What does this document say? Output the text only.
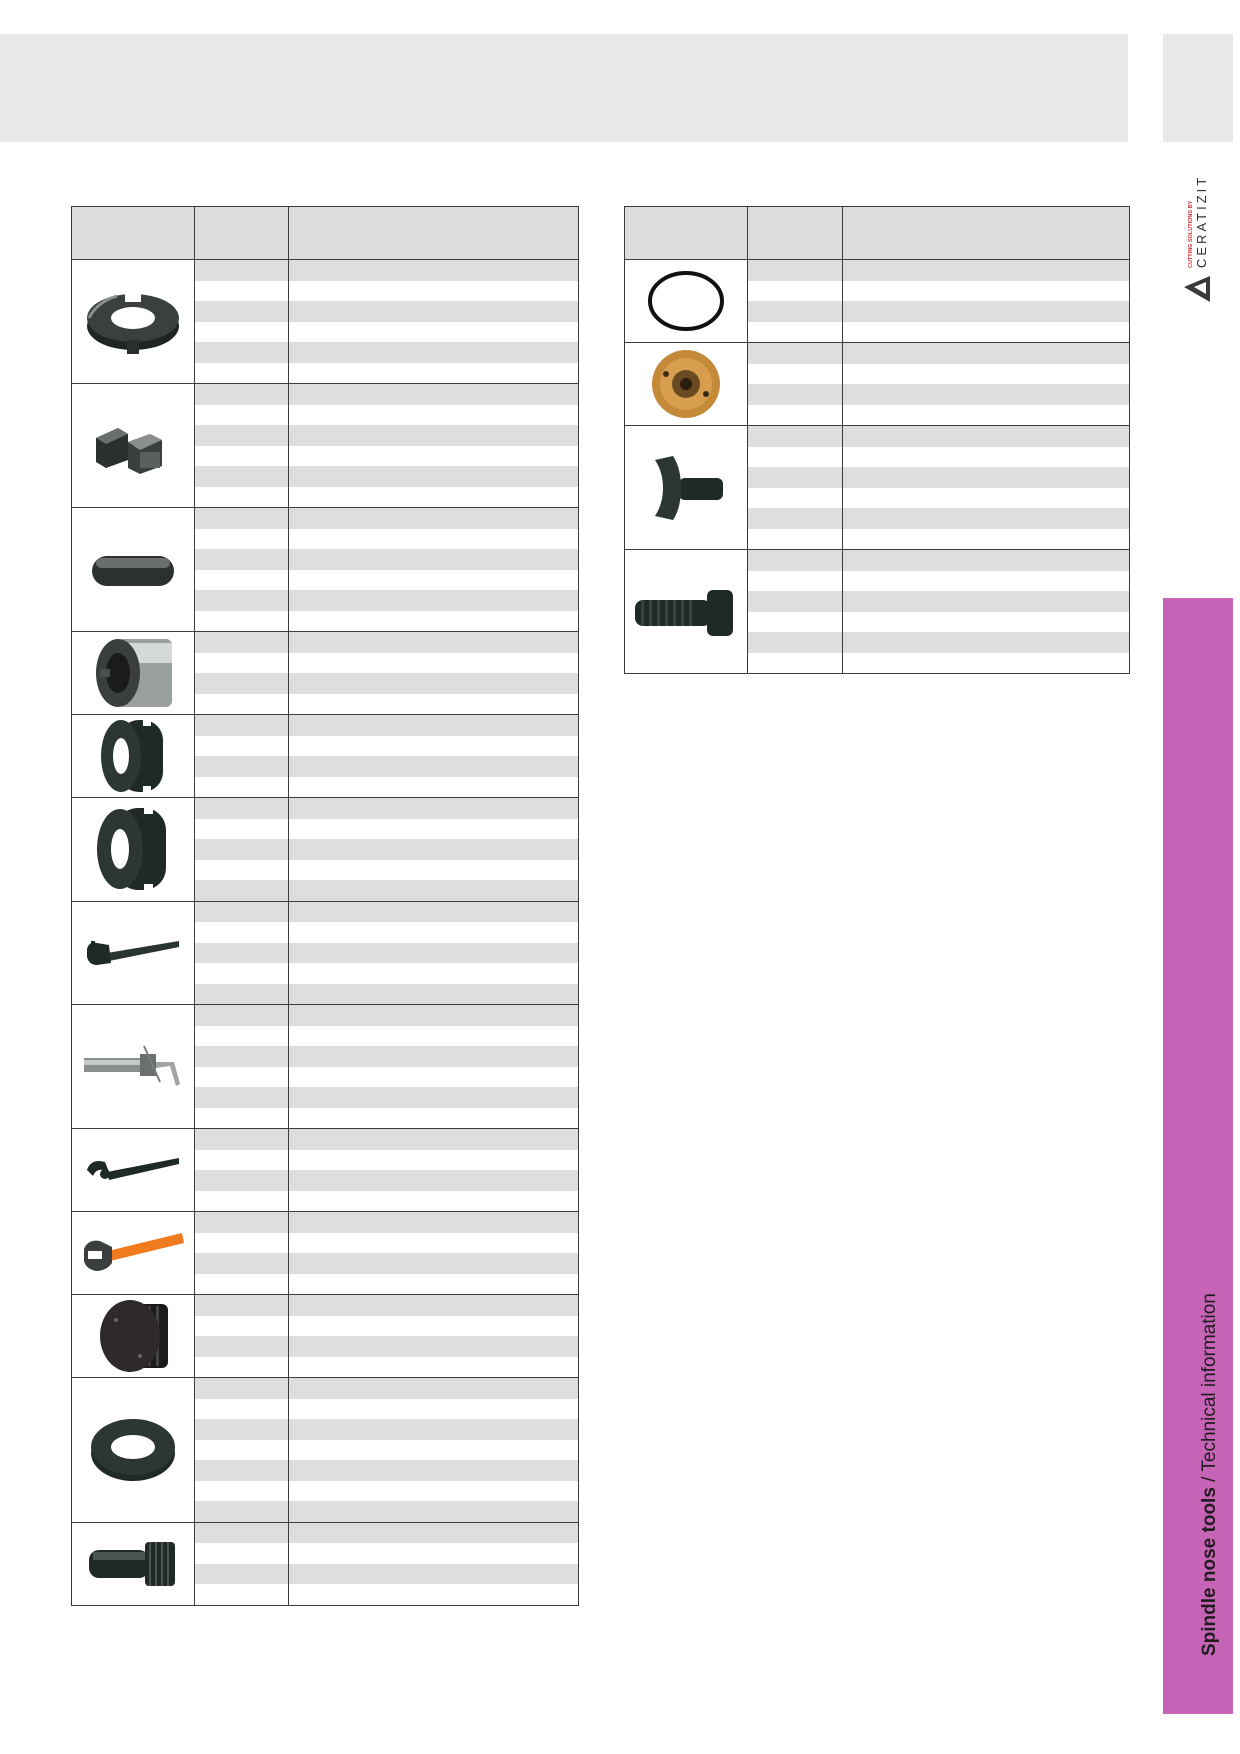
CUTTING SOLUTIONS BY CERATIZIT
Spindle nose tools / Technical information
